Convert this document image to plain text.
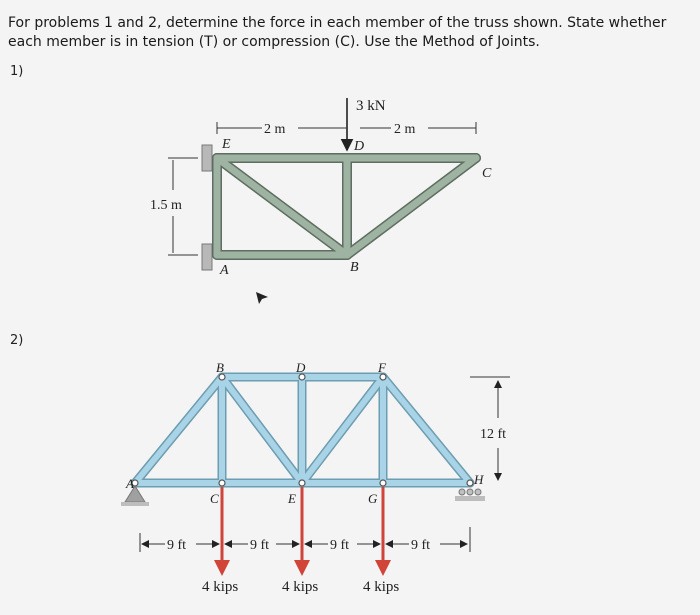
For problems 1 and 2, determine the force in each member of the truss shown. State whether each member is in tension (T) or compression (C). Use the Method of Joints.

1)
2)
3 kN
2 m	2 m
1.5 m
E
A
D
B
C
12 ft
A
B	D	F
C	E	G
H
4 kips	4 kips	4 kips
9 ft	9 ft	9 ft	9 ft
